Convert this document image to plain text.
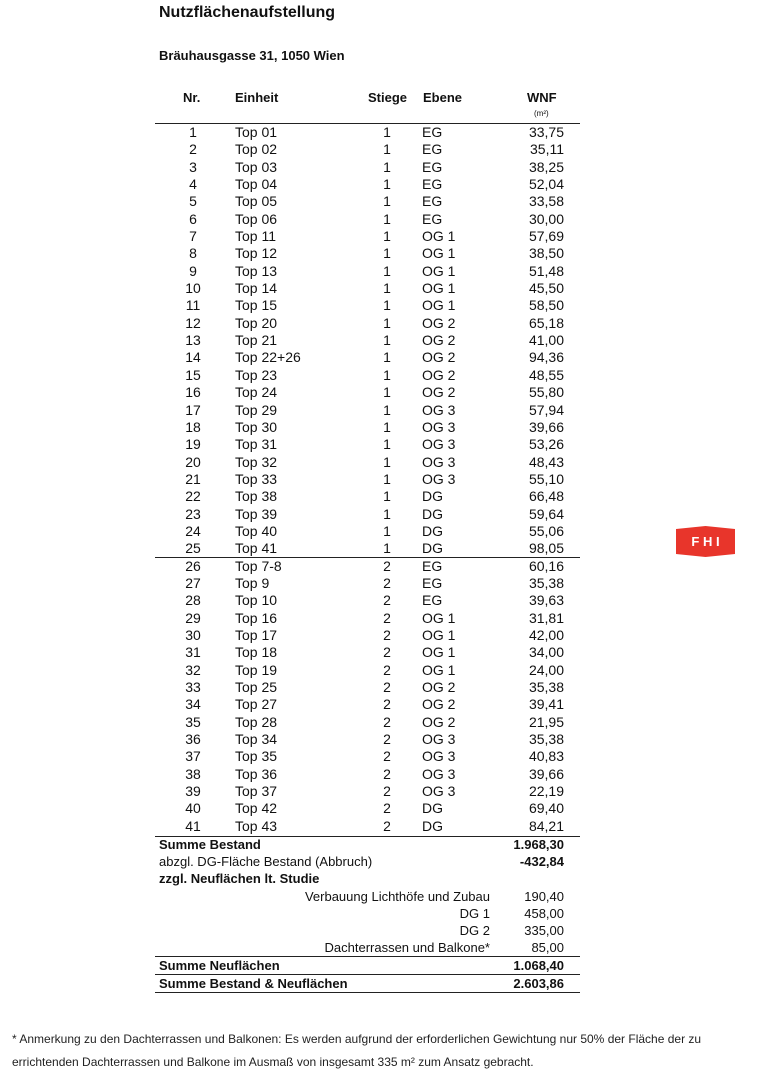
Nutzflächenaufstellung
Bräuhausgasse 31, 1050 Wien
Nr.	Einheit	Stiege Ebene	WNF
(m²)
1	Top 01	1	EG	33,75
2	Top 02	1	EG	35,11
3	Top 03	1	EG	38,25
4	Top 04	1	EG	52,04
5	Top 05	1	EG	33,58
6	Top 06	1	EG	30,00
7	Top 11	1	OG 1	57,69
8	Top 12	1	OG 1	38,50
9	Top 13	1	OG 1	51,48
10	Top 14	1	OG 1	45,50
11	Top 15	1	OG 1	58,50
12	Top 20	1	OG 2	65,18
13	Top 21	1	OG 2	41,00
14	Top 22+26	1	OG 2	94,36
15	Top 23	1	OG 2	48,55
16	Top 24	1	OG 2	55,80
17	Top 29	1	OG 3	57,94
18	Top 30	1	OG 3	39,66
19	Top 31	1	OG 3	53,26
20	Top 32	1	OG 3	48,43
21	Top 33	1	OG 3	55,10
22	Top 38	1	DG	66,48
23	Top 39	1	DG	59,64
24	Top 40	1	DG	55,06
25	Top 41	1	DG	98,05
26	Top 7-8	2	EG	60,16
27	Top 9	2	EG	35,38
28	Top 10	2	EG	39,63
29	Top 16	2	OG 1	31,81
30	Top 17	2	OG 1	42,00
31	Top 18	2	OG 1	34,00
32	Top 19	2	OG 1	24,00
33	Top 25	2	OG 2	35,38
34	Top 27	2	OG 2	39,41
35	Top 28	2	OG 2	21,95
36	Top 34	2	OG 3	35,38
37	Top 35	2	OG 3	40,83
38	Top 36	2	OG 3	39,66
39	Top 37	2	OG 3	22,19
40	Top 42	2	DG	69,40
41	Top 43	2	DG	84,21
Summe Bestand	1.968,30
abzgl. DG-Fläche Bestand (Abbruch)	-432,84
zzgl. Neuflächen lt. Studie
Verbauung Lichthöfe und Zubau	190,40
DG 1	458,00
DG 2	335,00
Dachterrassen und Balkone*	85,00
Summe Neuflächen	1.068,40
Summe Bestand & Neuflächen	2.603,86
* Anmerkung zu den Dachterrassen und Balkonen: Es werden aufgrund der erforderlichen Gewichtung nur 50% der Fläche der zu errichtenden Dachterrassen und Balkone im Ausmaß von insgesamt 335 m² zum Ansatz gebracht.
F H I
